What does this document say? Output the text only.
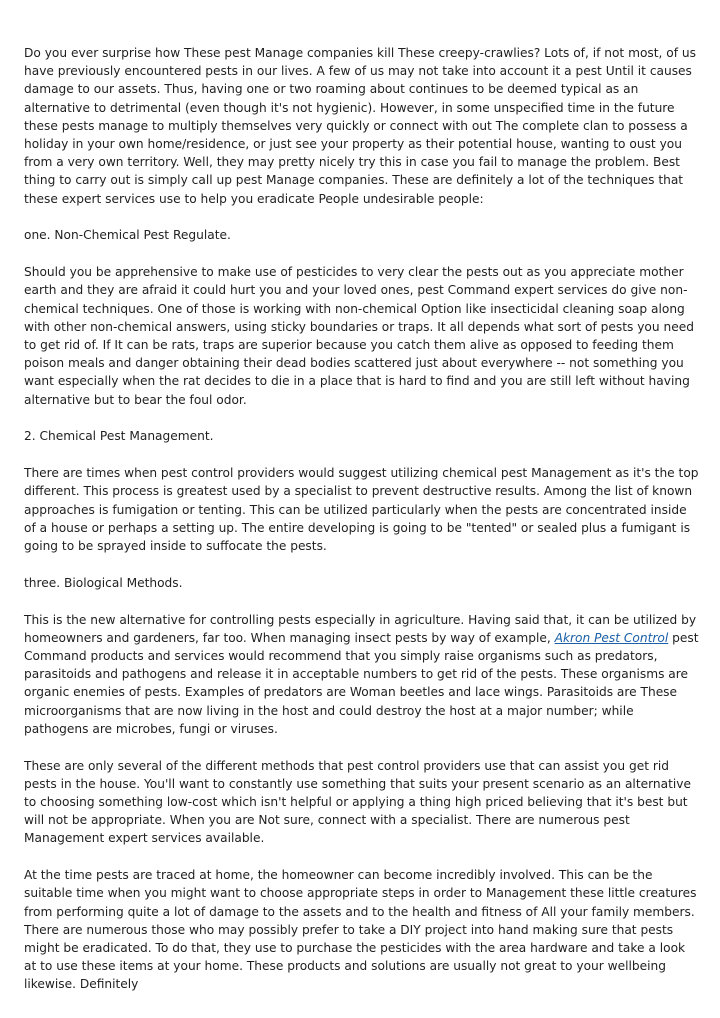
Do you ever surprise how These pest Manage companies kill These creepy-crawlies? Lots of, if not most, of us have previously encountered pests in our lives. A few of us may not take into account it a pest Until it causes damage to our assets. Thus, having one or two roaming about continues to be deemed typical as an alternative to detrimental (even though it's not hygienic). However, in some unspecified time in the future these pests manage to multiply themselves very quickly or connect with out The complete clan to possess a holiday in your own home/residence, or just see your property as their potential house, wanting to oust you from a very own territory. Well, they may pretty nicely try this in case you fail to manage the problem. Best thing to carry out is simply call up pest Manage companies. These are definitely a lot of the techniques that these expert services use to help you eradicate People undesirable people:

one. Non-Chemical Pest Regulate.

Should you be apprehensive to make use of pesticides to very clear the pests out as you appreciate mother earth and they are afraid it could hurt you and your loved ones, pest Command expert services do give non-chemical techniques. One of those is working with non-chemical Option like insecticidal cleaning soap along with other non-chemical answers, using sticky boundaries or traps. It all depends what sort of pests you need to get rid of. If It can be rats, traps are superior because you catch them alive as opposed to feeding them poison meals and danger obtaining their dead bodies scattered just about everywhere -- not something you want especially when the rat decides to die in a place that is hard to find and you are still left without having alternative but to bear the foul odor.

2. Chemical Pest Management.

There are times when pest control providers would suggest utilizing chemical pest Management as it's the top different. This process is greatest used by a specialist to prevent destructive results. Among the list of known approaches is fumigation or tenting. This can be utilized particularly when the pests are concentrated inside of a house or perhaps a setting up. The entire developing is going to be "tented" or sealed plus a fumigant is going to be sprayed inside to suffocate the pests.

three. Biological Methods.

This is the new alternative for controlling pests especially in agriculture. Having said that, it can be utilized by homeowners and gardeners, far too. When managing insect pests by way of example, Akron Pest Control pest Command products and services would recommend that you simply raise organisms such as predators, parasitoids and pathogens and release it in acceptable numbers to get rid of the pests. These organisms are organic enemies of pests. Examples of predators are Woman beetles and lace wings. Parasitoids are These microorganisms that are now living in the host and could destroy the host at a major number; while pathogens are microbes, fungi or viruses.

These are only several of the different methods that pest control providers use that can assist you get rid pests in the house. You'll want to constantly use something that suits your present scenario as an alternative to choosing something low-cost which isn't helpful or applying a thing high priced believing that it's best but will not be appropriate. When you are Not sure, connect with a specialist. There are numerous pest Management expert services available.

At the time pests are traced at home, the homeowner can become incredibly involved. This can be the suitable time when you might want to choose appropriate steps in order to Management these little creatures from performing quite a lot of damage to the assets and to the health and fitness of All your family members. There are numerous those who may possibly prefer to take a DIY project into hand making sure that pests might be eradicated. To do that, they use to purchase the pesticides with the area hardware and take a look at to use these items at your home. These products and solutions are usually not great to your wellbeing likewise. Definitely
